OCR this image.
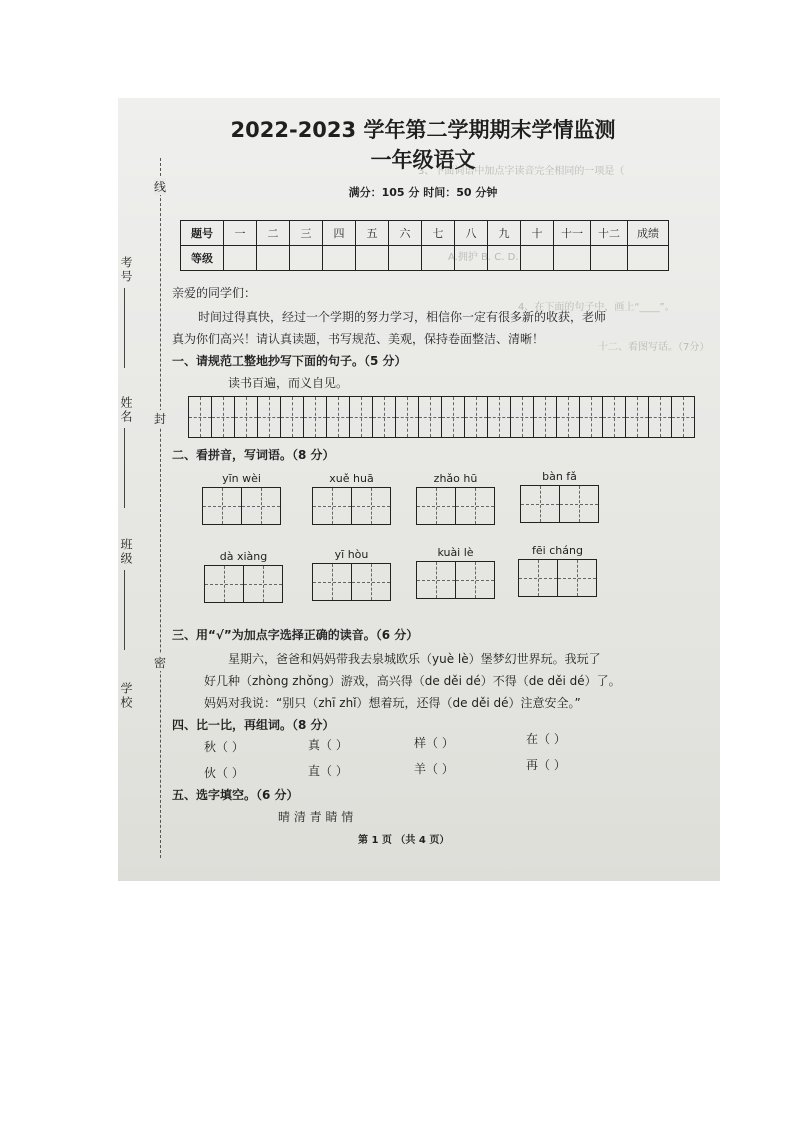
3、下面词语中加点字读音完全相同的一项是（
A.拥护 B. C. D.
十二、看图写话。（7分）
4、在下面的句子中，画上“____”。
考号
姓名
班级
学校
线
封
密
2022-2023 学年第二学期期末学情监测
一年级语文
满分：105 分 时间：50 分钟
题号	一	二	三	四	五	六	七	八	九	十	十一	十二	成绩
等级													
亲爱的同学们：
时间过得真快，经过一个学期的努力学习，相信你一定有很多新的收获，老师
真为你们高兴！请认真读题，书写规范、美观，保持卷面整洁、清晰！
一、请规范工整地抄写下面的句子。（5 分）
读书百遍，而义自见。
二、看拼音，写词语。（8 分）
yīn wèi	xuě huā	zhǎo hū	bàn fǎ
dà xiàng	yī hòu	kuài lè	fēi cháng
三、用“√”为加点字选择正确的读音。（6 分）
星期六，爸爸和妈妈带我去泉城欧乐（yuè lè）堡梦幻世界玩。我玩了
好几种（zhòng zhǒng）游戏，高兴得（de děi dé）不得（de děi dé）了。
妈妈对我说：“别只（zhī zhǐ）想着玩，还得（de děi dé）注意安全。”
四、比一比，再组词。（8 分）
秋（ ）	真（ ）	样（ ）	在（ ）
伙（ ）	直（ ）	羊（ ）	再（ ）
五、选字填空。（6 分）
晴 清 青 睛 情
第 1 页 （共 4 页）
